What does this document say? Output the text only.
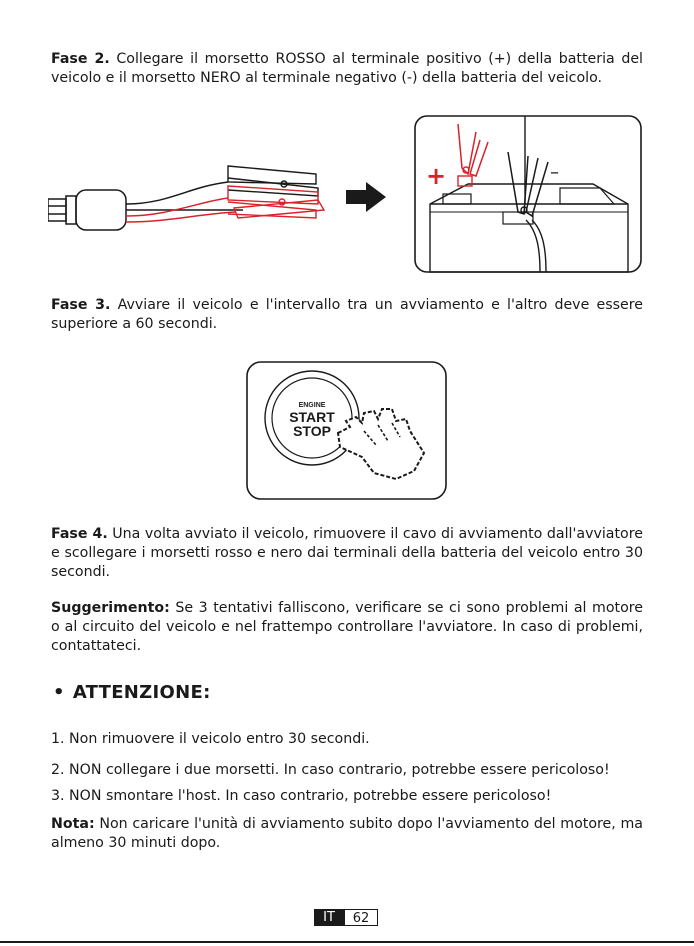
Fase 2. Collegare il morsetto ROSSO al terminale positivo (+) della batteria del veicolo e il morsetto NERO al terminale negativo (-) della batteria del veicolo.

+	–

Fase 3. Avviare il veicolo e l'intervallo tra un avviamento e l'altro deve essere superiore a 60 secondi.

ENGINE
START
STOP

Fase 4. Una volta avviato il veicolo, rimuovere il cavo di avviamento dall'avviatore e scollegare i morsetti rosso e nero dai terminali della batteria del veicolo entro 30 secondi.

Suggerimento: Se 3 tentativi falliscono, verificare se ci sono problemi al motore o al circuito del veicolo e nel frattempo controllare l'avviatore. In caso di problemi, contattateci.

• ATTENZIONE:

1. Non rimuovere il veicolo entro 30 secondi.

2. NON collegare i due morsetti. In caso contrario, potrebbe essere pericoloso!

3. NON smontare l'host. In caso contrario, potrebbe essere pericoloso!

Nota: Non caricare l'unità di avviamento subito dopo l'avviamento del motore, ma almeno 30 minuti dopo.

IT	62
